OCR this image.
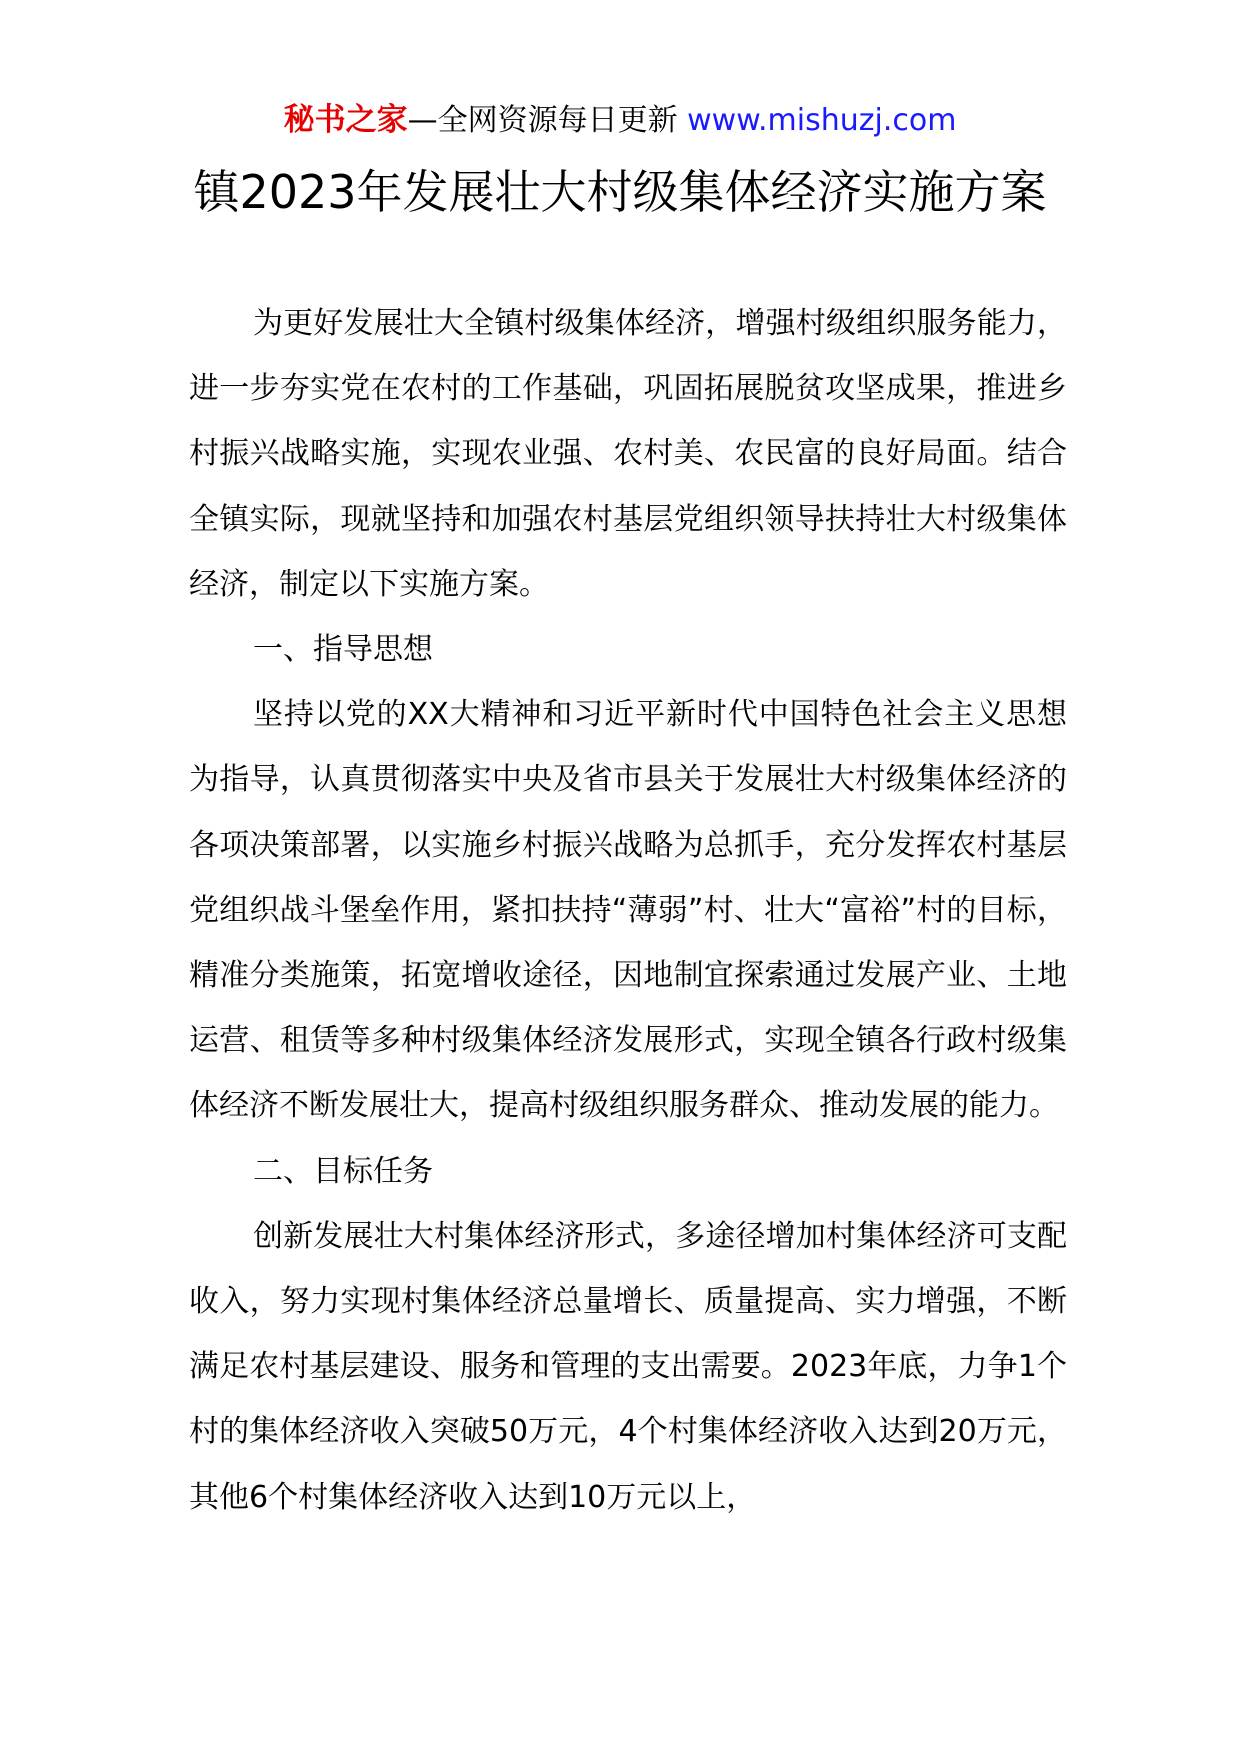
秘书之家—全网资源每日更新 www.mishuzj.com
镇2023年发展壮大村级集体经济实施方案

为更好发展壮大全镇村级集体经济，增强村级组织服务能力，进一步夯实党在农村的工作基础，巩固拓展脱贫攻坚成果，推进乡村振兴战略实施，实现农业强、农村美、农民富的良好局面。结合全镇实际，现就坚持和加强农村基层党组织领导扶持壮大村级集体经济，制定以下实施方案。

一、指导思想

坚持以党的XX大精神和习近平新时代中国特色社会主义思想为指导，认真贯彻落实中央及省市县关于发展壮大村级集体经济的各项决策部署，以实施乡村振兴战略为总抓手，充分发挥农村基层党组织战斗堡垒作用，紧扣扶持“薄弱”村、壮大“富裕”村的目标，精准分类施策，拓宽增收途径，因地制宜探索通过发展产业、土地运营、租赁等多种村级集体经济发展形式，实现全镇各行政村级集体经济不断发展壮大，提高村级组织服务群众、推动发展的能力。

二、目标任务

创新发展壮大村集体经济形式，多途径增加村集体经济可支配收入，努力实现村集体经济总量增长、质量提高、实力增强，不断满足农村基层建设、服务和管理的支出需要。2023年底，力争1个村的集体经济收入突破50万元，4个村集体经济收入达到20万元，其他6个村集体经济收入达到10万元以上，
